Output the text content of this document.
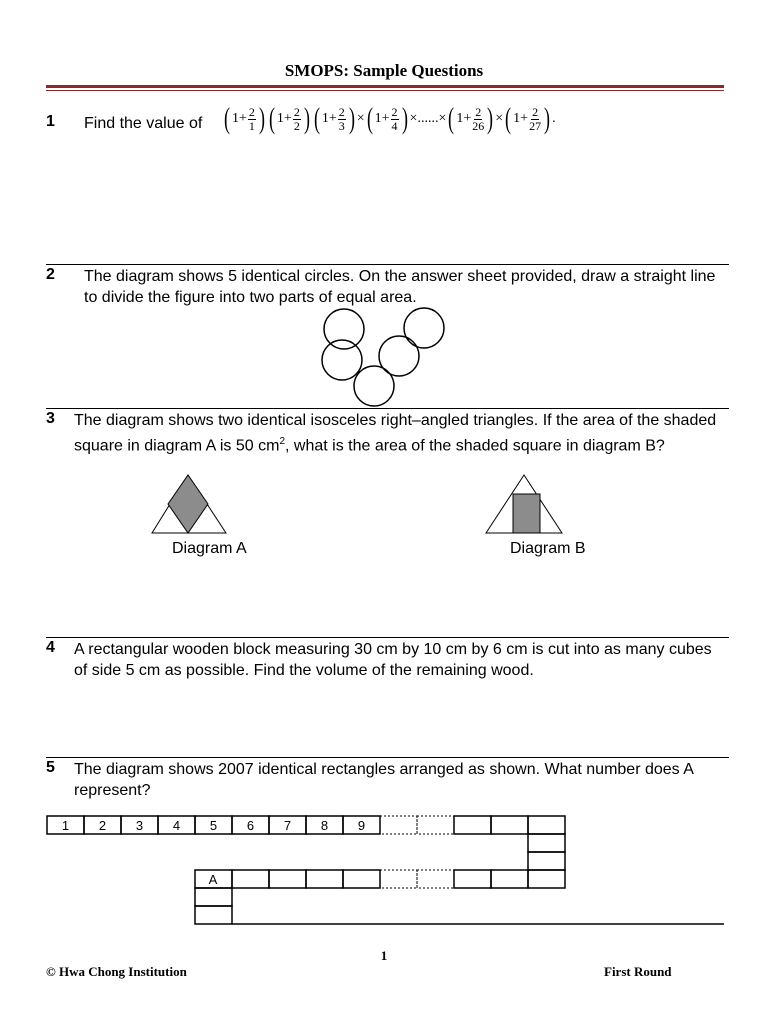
SMOPS: Sample Questions
1 Find the value of ( $1+ \frac{2}{1}$ ) ( $1+ \frac{2}{2}$ ) ( $1+ \frac{2}{3}$ ) ×( $1+ \frac{2}{4}$ ) ×......×( $1+ \frac{2}{26}$ ) ×( $1+ \frac{2}{27}$ ) .
2 The diagram shows 5 identical circles. On the answer sheet provided, draw a straight line to divide the figure into two parts of equal area.
3 The diagram shows two identical isosceles right–angled triangles. If the area of the shaded square in diagram A is 50 $cm^2$, what is the area of the shaded square in diagram B?
Diagram A	Diagram B
4 A rectangular wooden block measuring 30 cm by 10 cm by 6 cm is cut into as many cubes of side 5 cm as possible. Find the volume of the remaining wood.
5 The diagram shows 2007 identical rectangles arranged as shown. What number does A represent?
1 2 3 4 5 6 7 8 9
A
1
© Hwa Chong Institution	First Round
